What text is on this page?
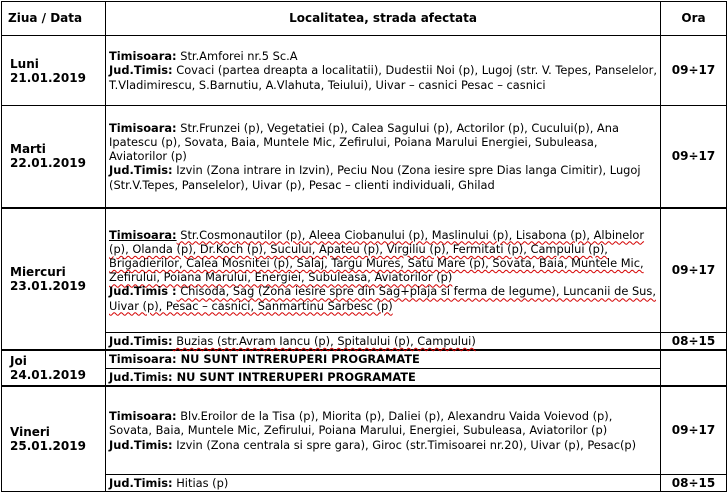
Ziua / Data	Localitatea, strada afectata	Ora

Luni
21.01.2019	Timisoara: Str.Amforei nr.5 Sc.A
Jud.Timis: Covaci (partea dreapta a localitatii), Dudestii Noi (p), Lugoj (str. V. Tepes, Panselelor, T.Vladimirescu, S.Barnutiu, A.Vlahuta, Teiului), Uivar – casnici Pesac – casnici	09÷17

Marti
22.01.2019	Timisoara: Str.Frunzei (p), Vegetatiei (p), Calea Sagului (p), Actorilor (p), Cucului(p), Ana Ipatescu (p), Sovata, Baia, Muntele Mic, Zefirului, Poiana Marului Energiei, Subuleasa, Aviatorilor (p)
Jud.Timis: Izvin (Zona intrare in Izvin), Peciu Nou (Zona iesire spre Dias langa Cimitir), Lugoj (Str.V.Tepes, Panselelor), Uivar (p), Pesac – clienti individuali, Ghilad	09÷17

Miercuri
23.01.2019	Timisoara: Str.Cosmonautilor (p), Aleea Ciobanului (p), Maslinului (p), Lisabona (p), Albinelor (p), Olanda (p), Dr.Koch (p), Sucului, Apateu (p), Virgiliu (p), Fermitati (p), Campului (p), Brigadierilor, Calea Mosnitei (p), Salaj, Targu Mures, Satu Mare (p), Sovata, Baia, Muntele Mic, Zefirului, Poiana Marului, Energiei, Subuleasa, Aviatorilor (p)
Jud.Timis : Chisoda, Sag (Zona iesire spre din Sag+plaja si ferma de legume), Luncanii de Sus, Uivar (p), Pesac – casnici, Sanmartinu Sarbesc (p)	09÷17
	Jud.Timis: Buzias (str.Avram Iancu (p), Spitalului (p), Campului)	08÷15

Joi
24.01.2019	Timisoara: NU SUNT INTRERUPERI PROGRAMATE	
	Jud.Timis: NU SUNT INTRERUPERI PROGRAMATE	

Vineri
25.01.2019	Timisoara: Blv.Eroilor de la Tisa (p), Miorita (p), Daliei (p), Alexandru Vaida Voievod (p), Sovata, Baia, Muntele Mic, Zefirului, Poiana Marului, Energiei, Subuleasa, Aviatorilor (p)
Jud.Timis: Izvin (Zona centrala si spre gara), Giroc (str.Timisoarei nr.20), Uivar (p), Pesac(p)	09÷17
	Jud.Timis: Hitias (p)	08÷15
